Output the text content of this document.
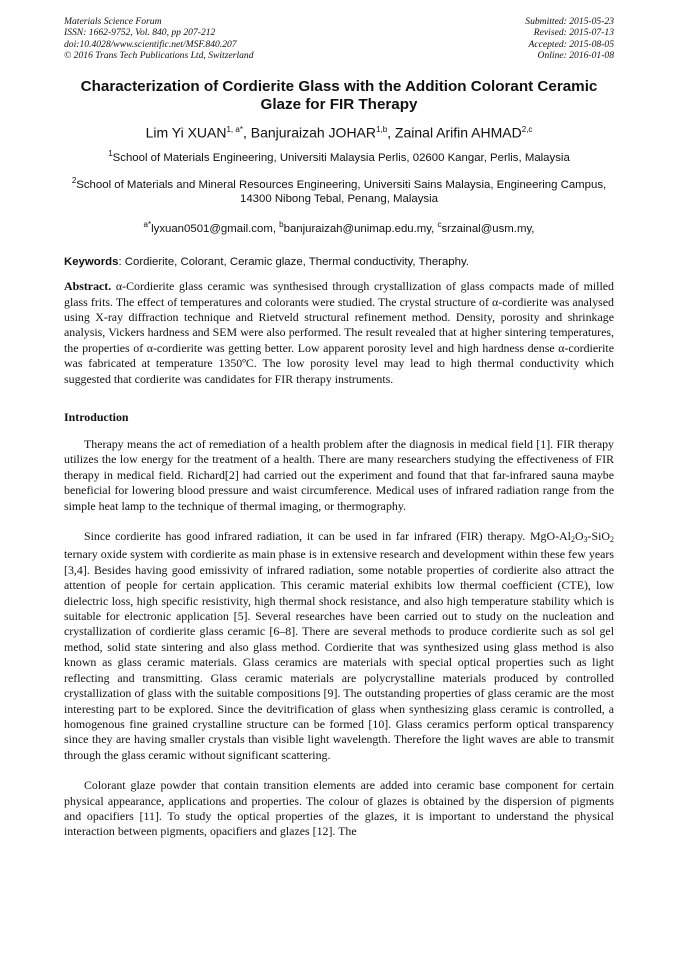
Materials Science Forum
ISSN: 1662-9752, Vol. 840, pp 207-212
doi:10.4028/www.scientific.net/MSF.840.207
© 2016 Trans Tech Publications Ltd, Switzerland
Submitted: 2015-05-23
Revised: 2015-07-13
Accepted: 2015-08-05
Online: 2016-01-08
Characterization of Cordierite Glass with the Addition Colorant Ceramic Glaze for FIR Therapy
Lim Yi $XUAN^{1, a*}$, Banjuraizah JOHAR$^{1,b}$, Zainal Arifin AHMAD$^{2,c}$
$^1$School of Materials Engineering, Universiti Malaysia Perlis, 02600 Kangar, Perlis, Malaysia
$^2$School of Materials and Mineral Resources Engineering, Universiti Sains Malaysia, Engineering Campus, 14300 Nibong Tebal, Penang, Malaysia
$^{a*}$lyxuan0501@gmail.com, $^b$banjuraizah@unimap.edu.my, $^c$srzainal@usm.my,
Keywords: Cordierite, Colorant, Ceramic glaze, Thermal conductivity, Theraphy.

Abstract. α-Cordierite glass ceramic was synthesised through crystallization of glass compacts made of milled glass frits. The effect of temperatures and colorants were studied. The crystal structure of α-cordierite was analysed using X-ray diffraction technique and Rietveld structural refinement method. Density, porosity and shrinkage analysis, Vickers hardness and SEM were also performed. The result revealed that at higher sintering temperatures, the properties of α-cordierite was getting better. Low apparent porosity level and high hardness dense α-cordierite was fabricated at temperature 1350ºC. The low porosity level may lead to high thermal conductivity which suggested that cordierite was candidates for FIR therapy instruments.

Introduction

Therapy means the act of remediation of a health problem after the diagnosis in medical field [1]. FIR therapy utilizes the low energy for the treatment of a health. There are many researchers studying the effectiveness of FIR therapy in medical field. Richard[2] had carried out the experiment and found that that far-infrared sauna maybe beneficial for lowering blood pressure and waist circumference. Medical uses of infrared radiation range from the simple heat lamp to the technique of thermal imaging, or thermography.

Since cordierite has good infrared radiation, it can be used in far infrared (FIR) therapy. MgO-$Al_2O_3-SiO_2$ ternary oxide system with cordierite as main phase is in extensive research and development within these few years [3,4]. Besides having good emissivity of infrared radiation, some notable properties of cordierite also attract the attention of people for certain application. This ceramic material exhibits low thermal coefficient (CTE), low dielectric loss, high specific resistivity, high thermal shock resistance, and also high temperature stability which is suitable for electronic application [5]. Several researches have been carried out to study on the nucleation and crystallization of cordierite glass ceramic [6–8]. There are several methods to produce cordierite such as sol gel method, solid state sintering and also glass method. Cordierite that was synthesized using glass method is also known as glass ceramic materials. Glass ceramics are materials with special optical properties such as light reflecting and transmitting. Glass ceramic materials are polycrystalline materials produced by controlled crystallization of glass with the suitable compositions [9]. The outstanding properties of glass ceramic are the most interesting part to be explored. Since the devitrification of glass when synthesizing glass ceramic is controlled, a homogenous fine grained crystalline structure can be formed [10]. Glass ceramics perform optical transparency since they are having smaller crystals than visible light wavelength. Therefore the light waves are able to transmit through the glass ceramic without significant scattering.

Colorant glaze powder that contain transition elements are added into ceramic base component for certain physical appearance, applications and properties. The colour of glazes is obtained by the dispersion of pigments and opacifiers [11]. To study the optical properties of the glazes, it is important to understand the physical interaction between pigments, opacifiers and glazes [12]. The
